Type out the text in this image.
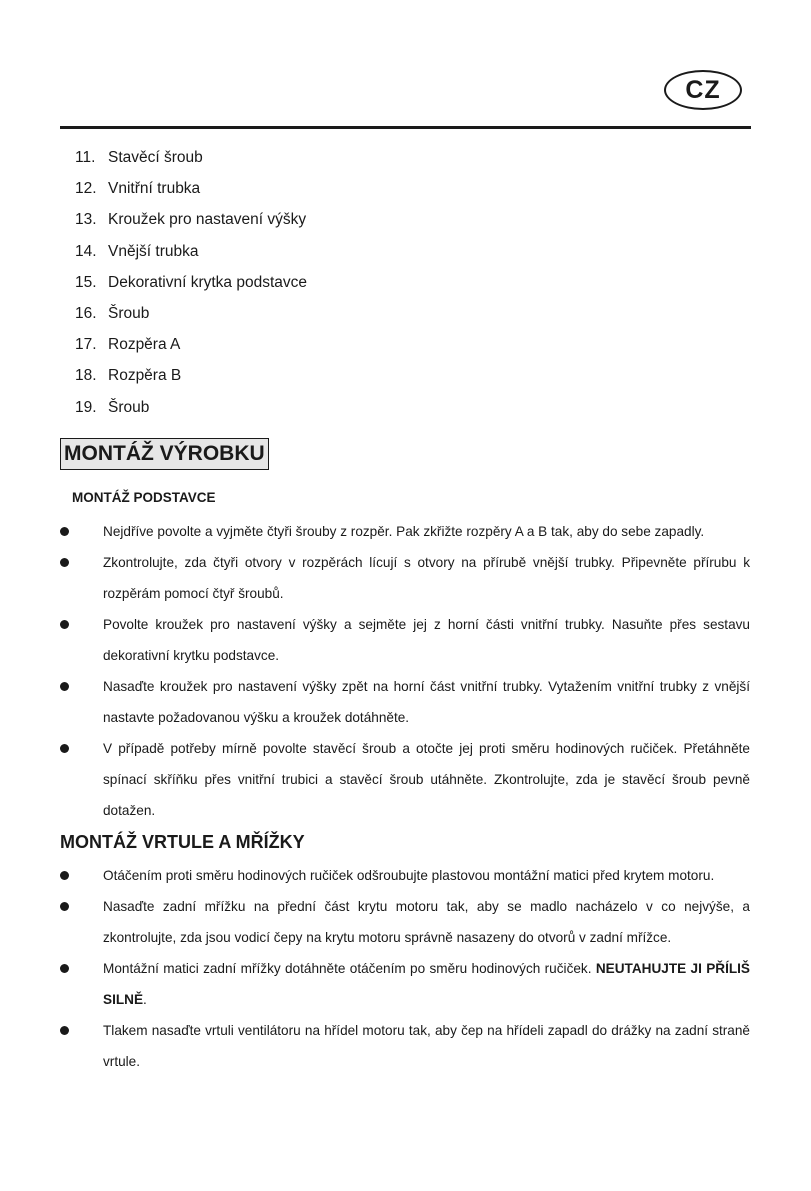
CZ
11. Stavěcí šroub
12. Vnitřní trubka
13. Kroužek pro nastavení výšky
14. Vnější trubka
15. Dekorativní krytka podstavce
16. Šroub
17. Rozpěra A
18. Rozpěra B
19. Šroub
MONTÁŽ VÝROBKU
MONTÁŽ PODSTAVCE
Nejdříve povolte a vyjměte čtyři šrouby z rozpěr. Pak zkřižte rozpěry A a B tak, aby do sebe zapadly.
Zkontrolujte, zda čtyři otvory v rozpěrách lícují s otvory na přírubě vnější trubky. Připevněte přírubu k rozpěrám pomocí čtyř šroubů.
Povolte kroužek pro nastavení výšky a sejměte jej z horní části vnitřní trubky. Nasuňte přes sestavu dekorativní krytku podstavce.
Nasaďte kroužek pro nastavení výšky zpět na horní část vnitřní trubky. Vytažením vnitřní trubky z vnější nastavte požadovanou výšku a kroužek dotáhněte.
V případě potřeby mírně povolte stavěcí šroub a otočte jej proti směru hodinových ručiček. Přetáhněte spínací skříňku přes vnitřní trubici a stavěcí šroub utáhněte. Zkontrolujte, zda je stavěcí šroub pevně dotažen.
MONTÁŽ VRTULE A MŘÍŽKY
Otáčením proti směru hodinových ručiček odšroubujte plastovou montážní matici před krytem motoru.
Nasaďte zadní mřížku na přední část krytu motoru tak, aby se madlo nacházelo v co nejvýše, a zkontrolujte, zda jsou vodicí čepy na krytu motoru správně nasazeny do otvorů v zadní mřížce.
Montážní matici zadní mřížky dotáhněte otáčením po směru hodinových ručiček. NEUTAHUJTE JI PŘÍLIŠ SILNĚ.
Tlakem nasaďte vrtuli ventilátoru na hřídel motoru tak, aby čep na hřídeli zapadl do drážky na zadní straně vrtule.
